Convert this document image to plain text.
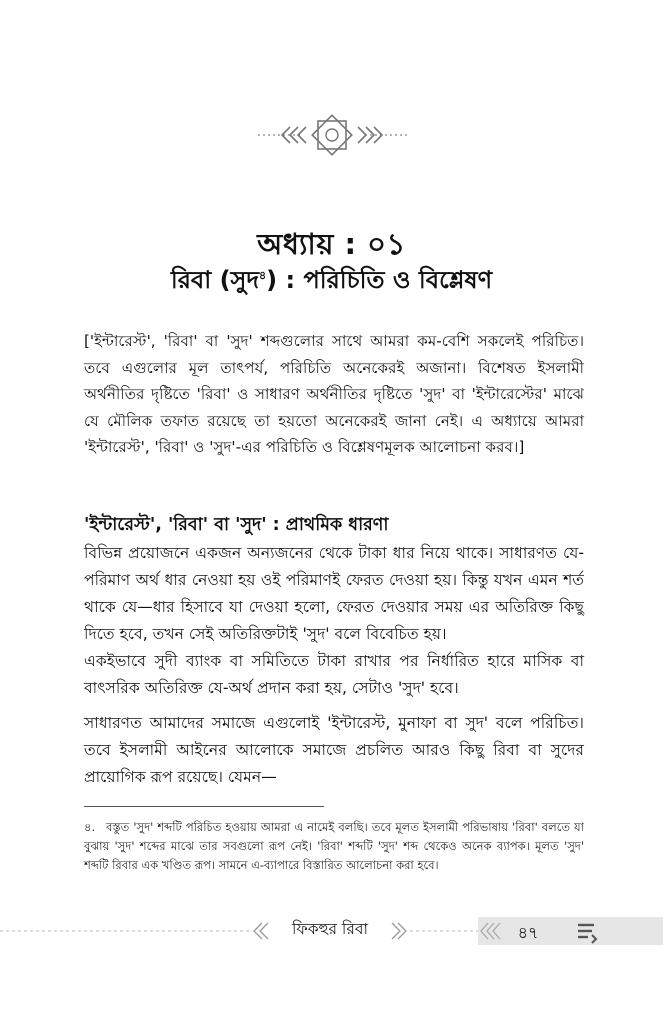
অধ্যায় : ০১
রিবা (সুদ$^৪$) : পরিচিতি ও বিশ্লেষণ

['ইন্টারেস্ট', 'রিবা' বা 'সুদ' শব্দগুলোর সাথে আমরা কম-বেশি সকলেই পরিচিত। তবে এগুলোর মূল তাৎপর্য, পরিচিতি অনেকেরই অজানা। বিশেষত ইসলামী অর্থনীতির দৃষ্টিতে 'রিবা' ও সাধারণ অর্থনীতির দৃষ্টিতে 'সুদ' বা 'ইন্টারেস্টের' মাঝে যে মৌলিক তফাত রয়েছে তা হয়তো অনেকেরই জানা নেই। এ অধ্যায়ে আমরা 'ইন্টারেস্ট', 'রিবা' ও 'সুদ'-এর পরিচিতি ও বিশ্লেষণমূলক আলোচনা করব।]

'ইন্টারেস্ট', 'রিবা' বা 'সুদ' : প্রাথমিক ধারণা

বিভিন্ন প্রয়োজনে একজন অন্যজনের থেকে টাকা ধার নিয়ে থাকে। সাধারণত যে-পরিমাণ অর্থ ধার নেওয়া হয় ওই পরিমাণই ফেরত দেওয়া হয়। কিন্তু যখন এমন শর্ত থাকে যে—ধার হিসাবে যা দেওয়া হলো, ফেরত দেওয়ার সময় এর অতিরিক্ত কিছু দিতে হবে, তখন সেই অতিরিক্তটাই 'সুদ' বলে বিবেচিত হয়।

একইভাবে সুদী ব্যাংক বা সমিতিতে টাকা রাখার পর নির্ধারিত হারে মাসিক বা বাৎসরিক অতিরিক্ত যে-অর্থ প্রদান করা হয়, সেটাও 'সুদ' হবে।

সাধারণত আমাদের সমাজে এগুলোই 'ইন্টারেস্ট, মুনাফা বা সুদ' বলে পরিচিত। তবে ইসলামী আইনের আলোকে সমাজে প্রচলিত আরও কিছু রিবা বা সুদের প্রায়োগিক রূপ রয়েছে। যেমন—

৪. বস্তুত 'সুদ' শব্দটি পরিচিত হওয়ায় আমরা এ নামেই বলছি। তবে মূলত ইসলামী পরিভাষায় 'রিবা' বলতে যা বুঝায় 'সুদ' শব্দের মাঝে তার সবগুলো রূপ নেই। 'রিবা' শব্দটি 'সুদ' শব্দ থেকেও অনেক ব্যাপক। মূলত 'সুদ' শব্দটি রিবার এক খণ্ডিত রূপ। সামনে এ-ব্যাপারে বিস্তারিত আলোচনা করা হবে।

ফিকহুর রিবা	৪৭
